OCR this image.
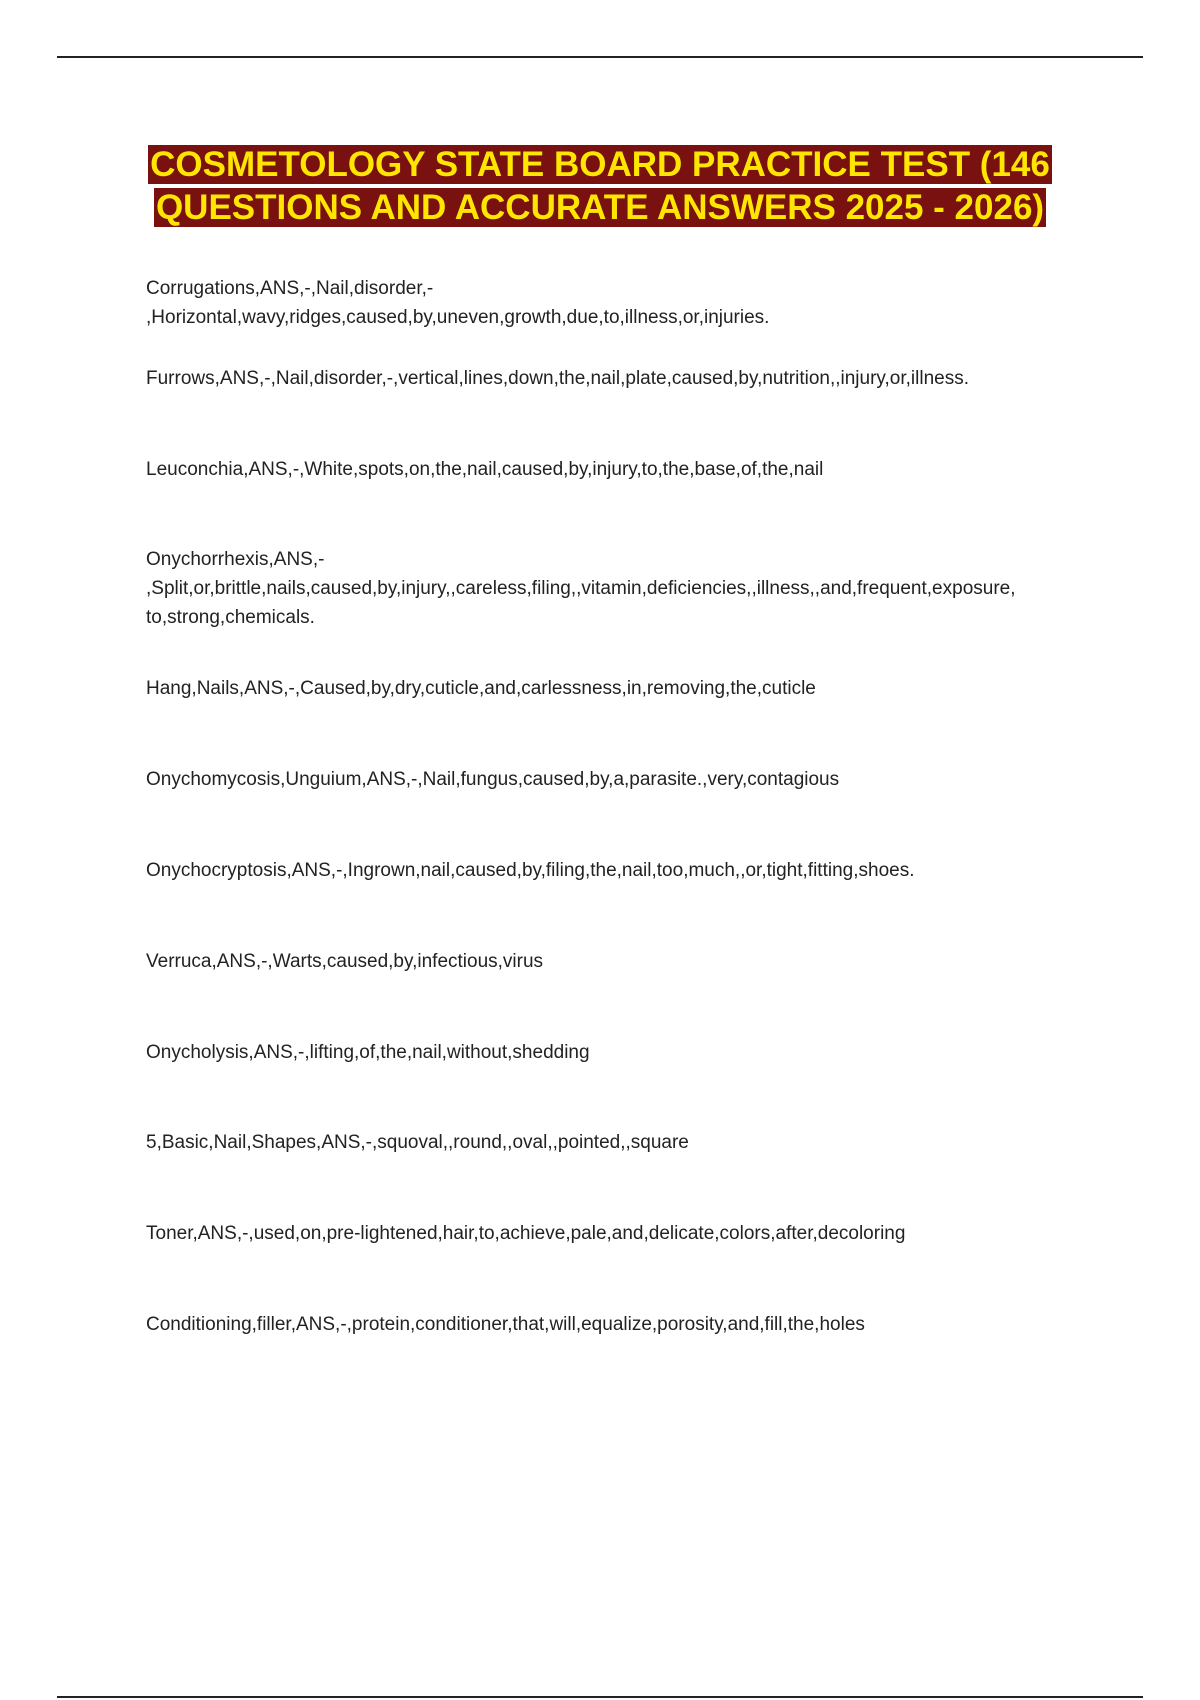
COSMETOLOGY STATE BOARD PRACTICE TEST (146
QUESTIONS AND ACCURATE ANSWERS 2025 - 2026)
Corrugations,ANS,-,Nail,disorder,-
,Horizontal,wavy,ridges,caused,by,uneven,growth,due,to,illness,or,injuries.
Furrows,ANS,-,Nail,disorder,-,vertical,lines,down,the,nail,plate,caused,by,nutrition,,injury,or,illness.
Leuconchia,ANS,-,White,spots,on,the,nail,caused,by,injury,to,the,base,of,the,nail
Onychorrhexis,ANS,-
,Split,or,brittle,nails,caused,by,injury,,careless,filing,,vitamin,deficiencies,,illness,,and,frequent,exposure,
to,strong,chemicals.
Hang,Nails,ANS,-,Caused,by,dry,cuticle,and,carlessness,in,removing,the,cuticle
Onychomycosis,Unguium,ANS,-,Nail,fungus,caused,by,a,parasite.,very,contagious
Onychocryptosis,ANS,-,Ingrown,nail,caused,by,filing,the,nail,too,much,,or,tight,fitting,shoes.
Verruca,ANS,-,Warts,caused,by,infectious,virus
Onycholysis,ANS,-,lifting,of,the,nail,without,shedding
5,Basic,Nail,Shapes,ANS,-,squoval,,round,,oval,,pointed,,square
Toner,ANS,-,used,on,pre-lightened,hair,to,achieve,pale,and,delicate,colors,after,decoloring
Conditioning,filler,ANS,-,protein,conditioner,that,will,equalize,porosity,and,fill,the,holes
